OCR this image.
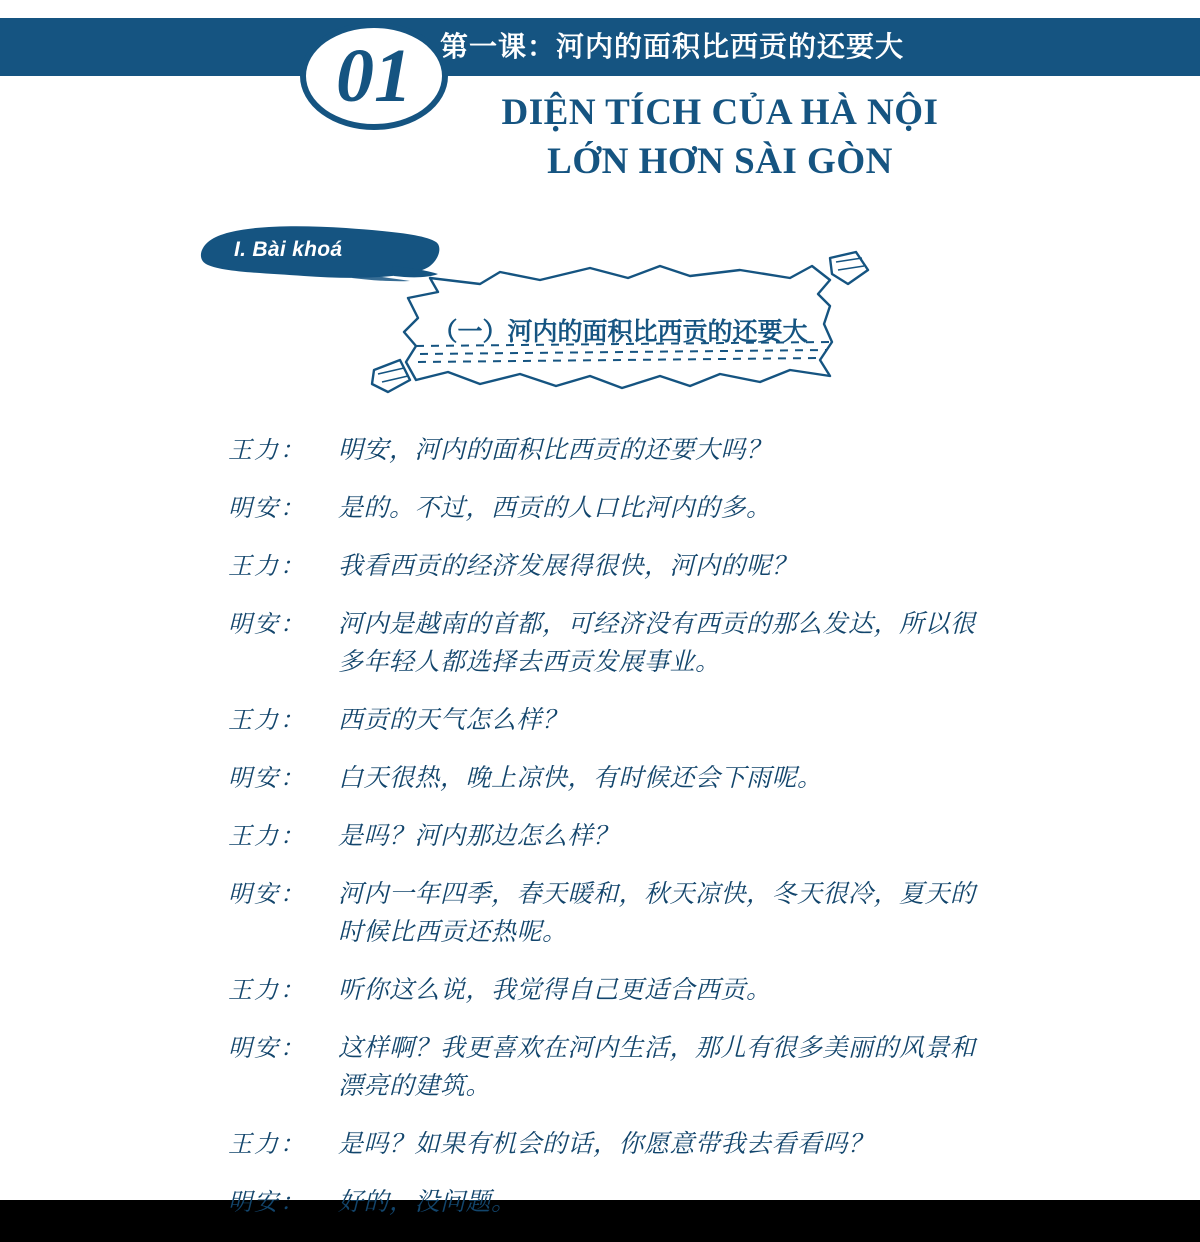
第一课：河内的面积比西贡的还要大
01	DIỆN TÍCH CỦA HÀ NỘI
LỚN HƠN SÀI GÒN
I. Bài khoá
（一）河内的面积比西贡的还要大
王力：	明安，河内的面积比西贡的还要大吗？
明安：	是的。不过，西贡的人口比河内的多。
王力：	我看西贡的经济发展得很快，河内的呢？
明安：	河内是越南的首都，可经济没有西贡的那么发达，所以很多年轻人都选择去西贡发展事业。
王力：	西贡的天气怎么样？
明安：	白天很热，晚上凉快，有时候还会下雨呢。
王力：	是吗？河内那边怎么样？
明安：	河内一年四季，春天暖和，秋天凉快，冬天很冷，夏天的时候比西贡还热呢。
王力：	听你这么说，我觉得自己更适合西贡。
明安：	这样啊？我更喜欢在河内生活，那儿有很多美丽的风景和漂亮的建筑。
王力：	是吗？如果有机会的话，你愿意带我去看看吗？
明安：	好的，没问题。
